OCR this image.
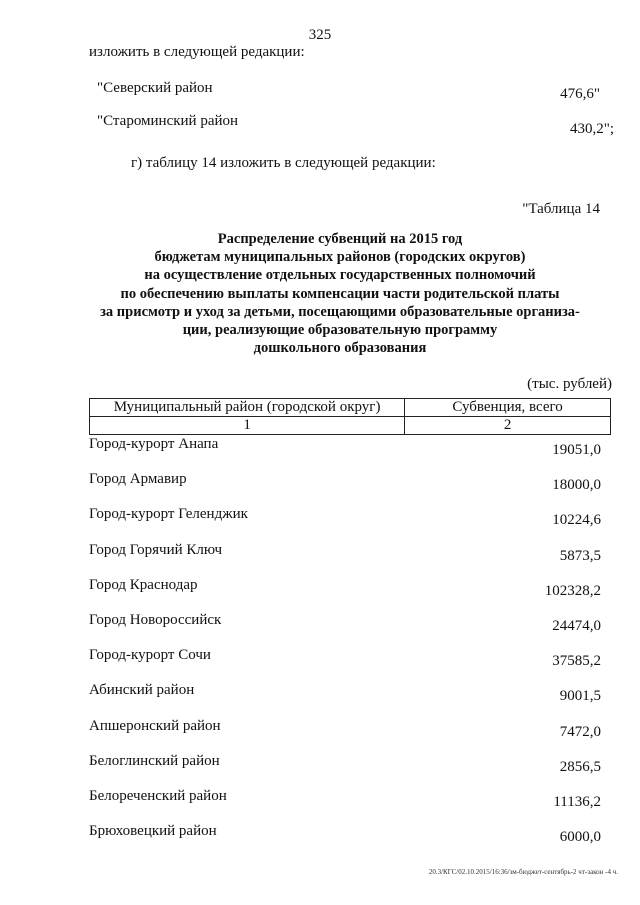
325
изложить в следующей редакции:
"Северский район	476,6"
"Староминский район	430,2";
г) таблицу 14 изложить в следующей редакции:
"Таблица 14
Распределение субвенций на 2015 год
бюджетам муниципальных районов (городских округов)
на осуществление отдельных государственных полномочий
по обеспечению выплаты компенсации части родительской платы
за присмотр и уход за детьми, посещающими образовательные организа-
ции, реализующие образовательную программу
дошкольного образования
(тыс. рублей)
Муниципальный район (городской округ)	Субвенция, всего
1	2
Город-курорт Анапа	19051,0
Город Армавир	18000,0
Город-курорт Геленджик	10224,6
Город Горячий Ключ	5873,5
Город Краснодар	102328,2
Город Новороссийск	24474,0
Город-курорт Сочи	37585,2
Абинский район	9001,5
Апшеронский район	7472,0
Белоглинский район	2856,5
Белореченский район	11136,2
Брюховецкий район	6000,0
20.3/КГС/02.10.2015/16:36/зм-бюджет-сентябрь-2 чт-закон -4 ч.
